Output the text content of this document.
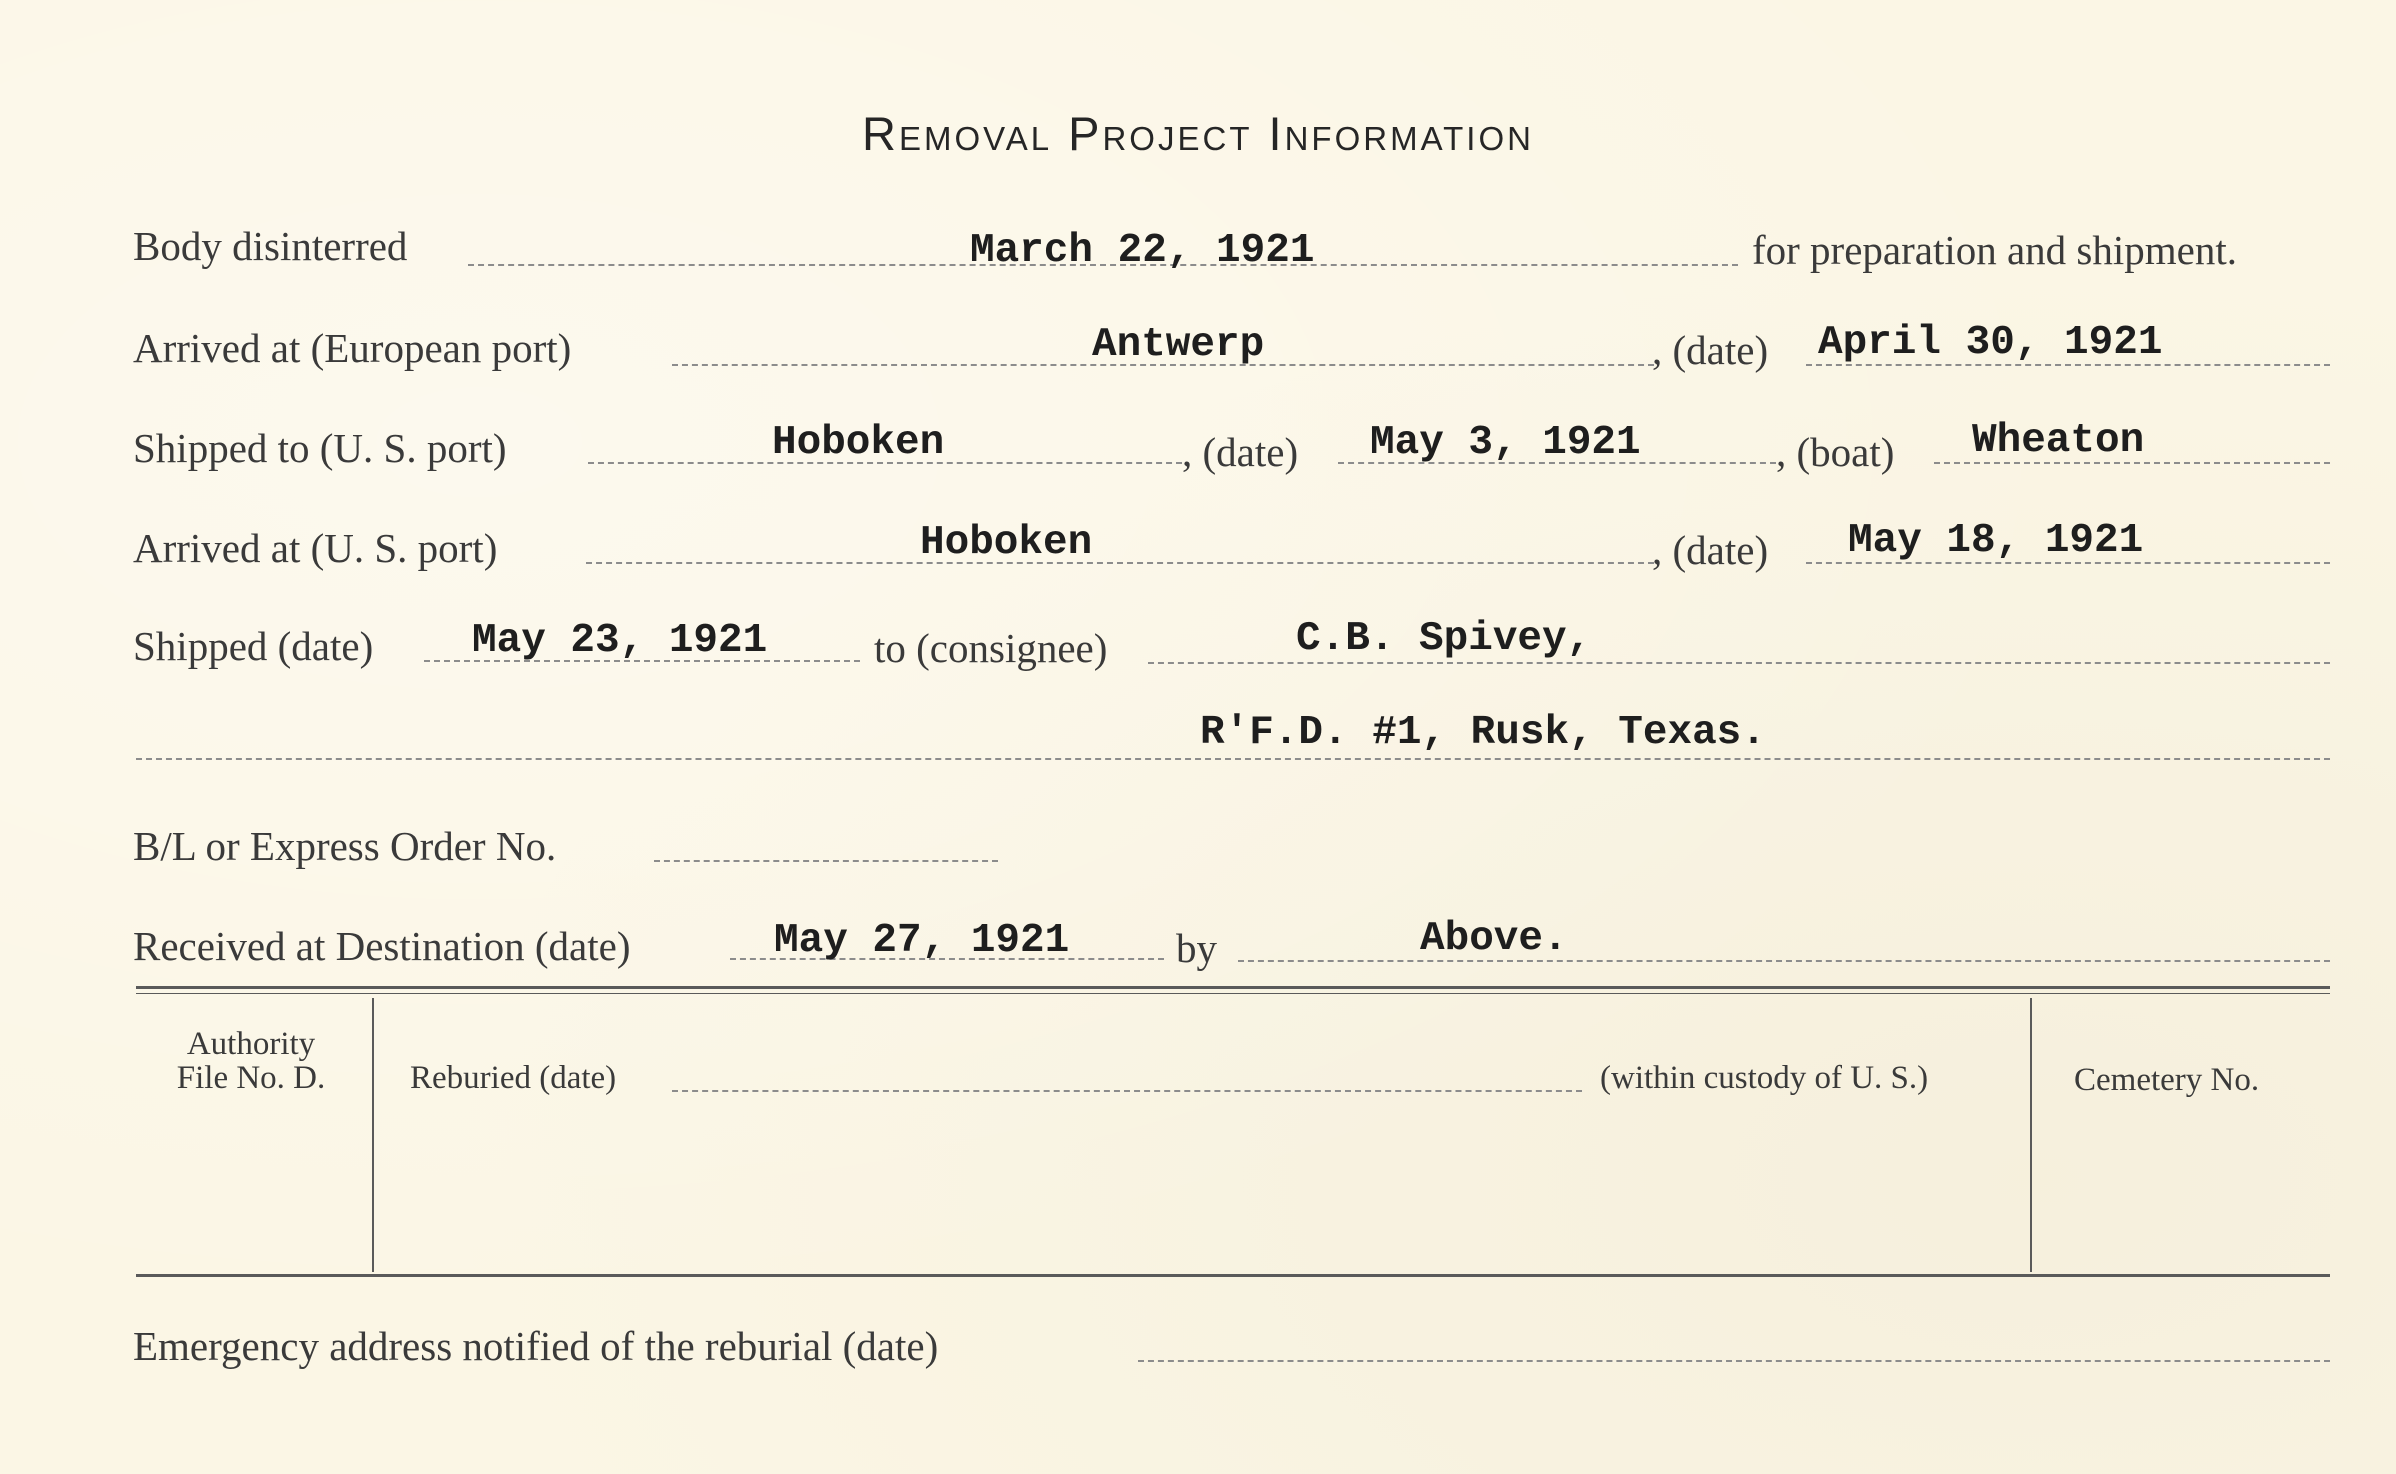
Removal Project Information
Body disinterred	March 22, 1921	for preparation and shipment.
Arrived at (European port)	Antwerp	, (date) April 30, 1921
Shipped to (U. S. port)	Hoboken	, (date) May 3, 1921	, (boat) Wheaton
Arrived at (U. S. port)	Hoboken	, (date) May 18, 1921
Shipped (date) May 23, 1921	to (consignee)	C.B. Spivey,
R'F.D. #1, Rusk, Texas.
B/L or Express Order No.
Received at Destination (date)	May 27, 1921	by	Above.
Authority
File No. D.	Reburied (date)	(within custody of U. S.)	Cemetery No.
Emergency address notified of the reburial (date)
